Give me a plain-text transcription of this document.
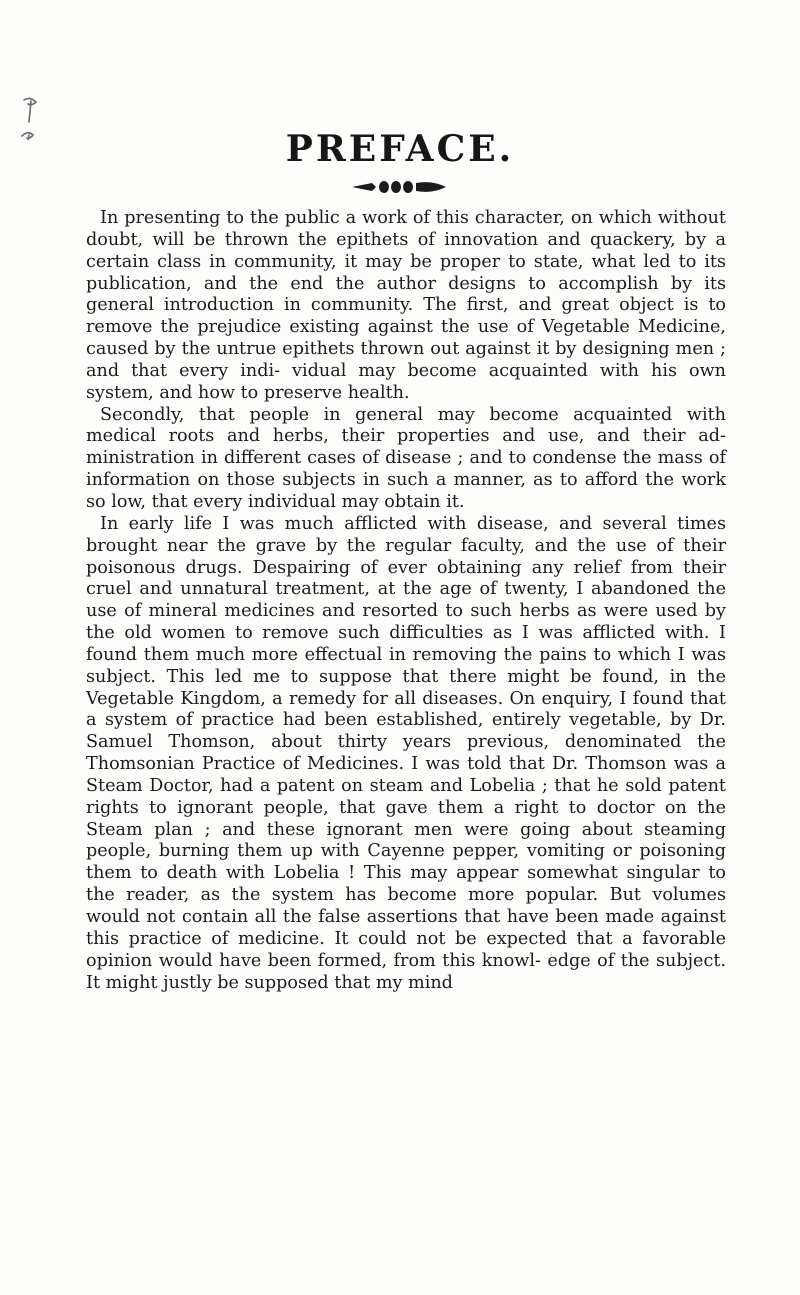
PREFACE.

In presenting to the public a work of this character, on which without doubt, will be thrown the epithets of innovation and quackery, by a certain class in community, it may be proper to state, what led to its publication, and the end the author designs to accomplish by its general introduction in community. The first, and great object is to remove the prejudice existing against the use of Vegetable Medicine, caused by the untrue epithets thrown out against it by designing men ; and that every indi- vidual may become acquainted with his own system, and how to preserve health.

Secondly, that people in general may become acquainted with medical roots and herbs, their properties and use, and their ad- ministration in different cases of disease ; and to condense the mass of information on those subjects in such a manner, as to afford the work so low, that every individual may obtain it.

In early life I was much afflicted with disease, and several times brought near the grave by the regular faculty, and the use of their poisonous drugs. Despairing of ever obtaining any relief from their cruel and unnatural treatment, at the age of twenty, I abandoned the use of mineral medicines and resorted to such herbs as were used by the old women to remove such difficulties as I was afflicted with. I found them much more effectual in removing the pains to which I was subject. This led me to suppose that there might be found, in the Vegetable Kingdom, a remedy for all diseases. On enquiry, I found that a system of practice had been established, entirely vegetable, by Dr. Samuel Thomson, about thirty years previous, denominated the Thomsonian Practice of Medicines. I was told that Dr. Thomson was a Steam Doctor, had a patent on steam and Lobelia ; that he sold patent rights to ignorant people, that gave them a right to doctor on the Steam plan ; and these ignorant men were going about steaming people, burning them up with Cayenne pepper, vomiting or poisoning them to death with Lobelia ! This may appear somewhat singular to the reader, as the system has become more popular. But volumes would not contain all the false assertions that have been made against this practice of medicine. It could not be expected that a favorable opinion would have been formed, from this knowl- edge of the subject. It might justly be supposed that my mind
